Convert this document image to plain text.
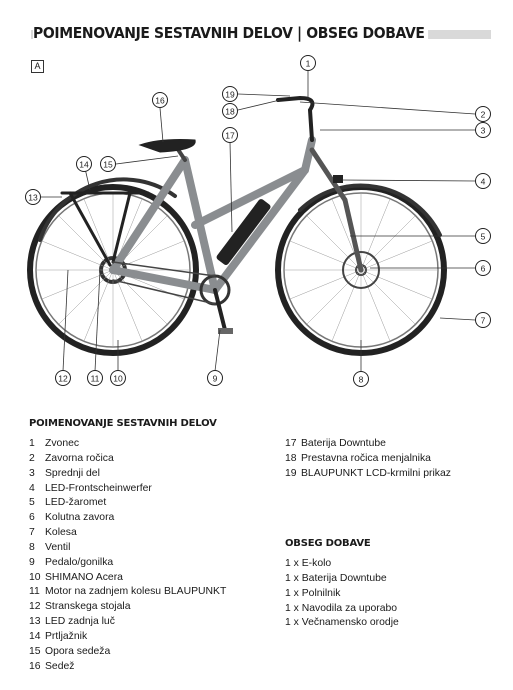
POIMENOVANJE SESTAVNIH DELOV | OBSEG DOBAVE
A	1
2
3
4
5
6
7
8
9
10
11
12
13
14 15
16
17
18
19
POIMENOVANJE SESTAVNIH DELOV
1 Zvonec
2 Zavorna ročica
3 Sprednji del
4 LED-Frontscheinwerfer
5 LED-žaromet
6 Kolutna zavora
7 Kolesa
8 Ventil
9 Pedalo/gonilka
10 SHIMANO Acera
11 Motor na zadnjem kolesu BLAUPUNKT
12 Stranskega stojala
13 LED zadnja luč
14 Prtljažnik
15 Opora sedeža
16 Sedež
17 Baterija Downtube
18 Prestavna ročica menjalnika
19 BLAUPUNKT LCD-krmilni prikaz
OBSEG DOBAVE
1 x E-kolo
1 x Baterija Downtube
1 x Polnilnik
1 x Navodila za uporabo
1 x Večnamensko orodje
